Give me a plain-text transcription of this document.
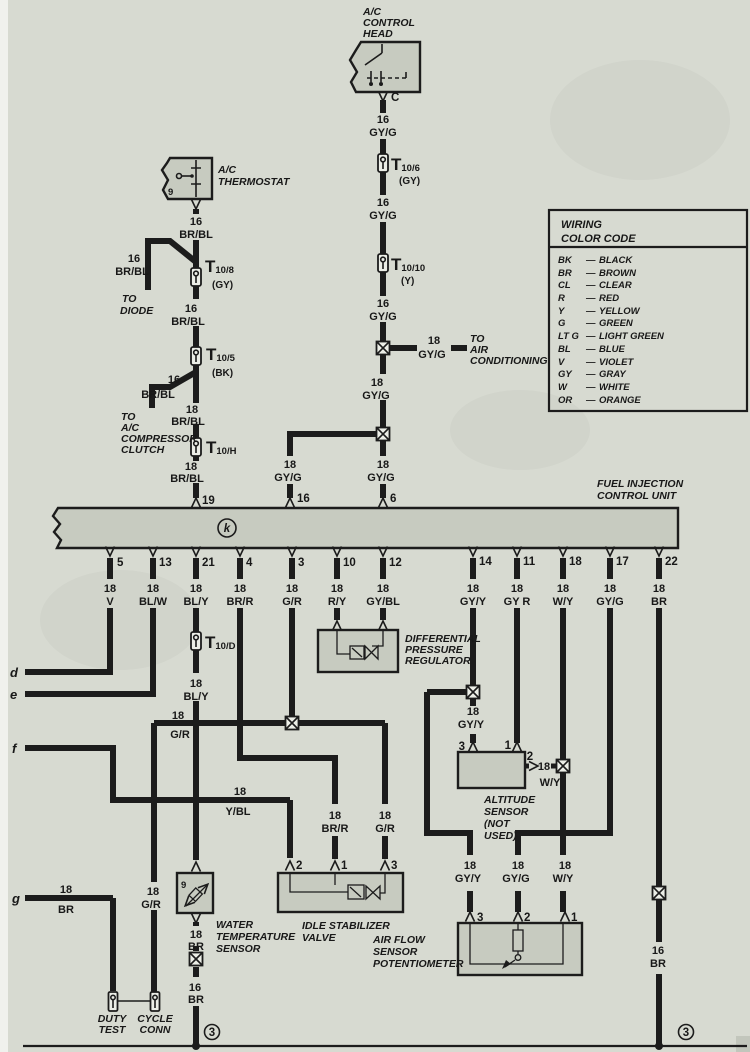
A/C
CONTROL
HEAD
C
A/C
THERMOSTAT
9
TO
DIODE
TO
A/C
COMPRESSOR
CLUTCH
TO
AIR
CONDITIONING
FUEL INJECTION
CONTROL UNIT
k
DIFFERENTIAL
PRESSURE
REGULATOR
ALTITUDE
SENSOR
(NOT
USED)
IDLE STABILIZER
VALVE
WATER
TEMPERATURE
SENSOR
9
AIR FLOW
SENSOR
POTENTIOMETER
DUTY
TEST
CYCLE
CONN	3	3
T10/6
(GY)
T10/10
(Y)
T10/8
(GY)
T10/5
(BK)
T10/H
T10/D
16
GY/G
16
GY/G
16
GY/G
18
GY/G
18
GY/G
18
GY/G
18
GY/G
16
BR/BL
16
BR/BL
16
BR/BL
16
BR/BL
18
BR/BL
18
BR/BL
18
V
18
BL/W
18
BL/Y
18
BR/R
18
G/R
18
R/Y
18
GY/BL
18
GY/Y
18
GY R
18
W/Y
18
GY/G
18
BR
18
BL/Y
18
G/R
18
Y/BL	18
BR/R
18
G/R
18
GY/Y
18
W/Y
18
GY/Y
18
GY/G
18
W/Y
18
BR
18
G/R
18
BR
16
BR
16
BR
19	16	6
5	13	21	4	3	10	12	14	11	18	17	22
3	1
2
2	1	3
3	2	1
d
e
f
g
WIRING
COLOR CODE
BK — BLACK
BR — BROWN
CL — CLEAR
R — RED
Y — YELLOW
G — GREEN
LT G — LIGHT GREEN
BL — BLUE
V — VIOLET
GY — GRAY
W — WHITE
OR — ORANGE
